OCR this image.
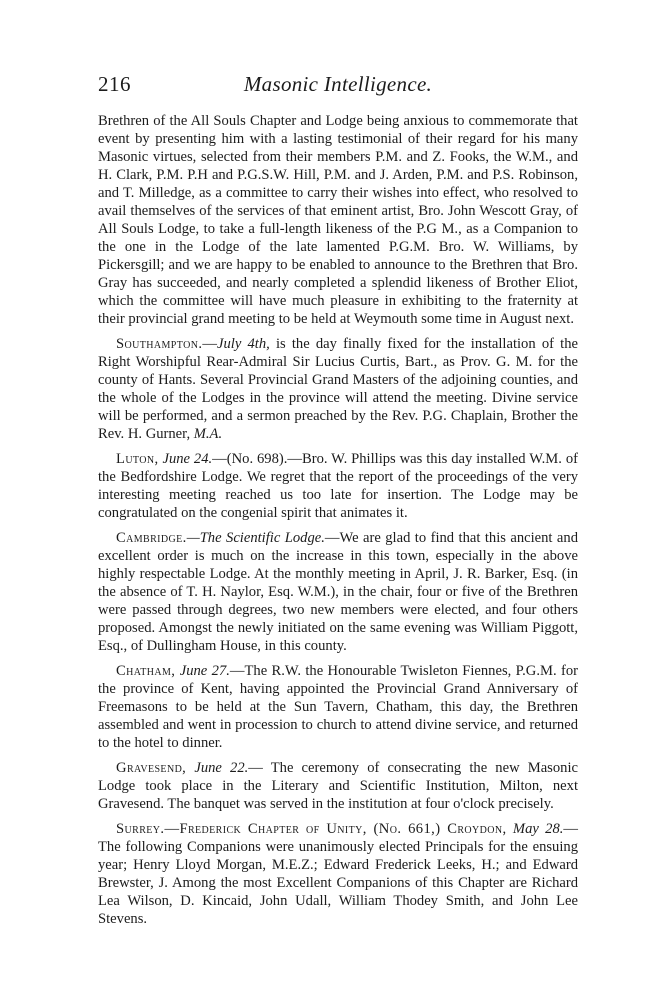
216	Masonic Intelligence.

Brethren of the All Souls Chapter and Lodge being anxious to commemorate that event by presenting him with a lasting testimonial of their regard for his many Masonic virtues, selected from their members P.M. and Z. Fooks, the W.M., and H. Clark, P.M. P.H and P.G.S.W. Hill, P.M. and J. Arden, P.M. and P.S. Robinson, and T. Milledge, as a committee to carry their wishes into effect, who resolved to avail themselves of the services of that eminent artist, Bro. John Wescott Gray, of All Souls Lodge, to take a full-length likeness of the P.G M., as a Companion to the one in the Lodge of the late lamented P.G.M. Bro. W. Williams, by Pickersgill; and we are happy to be enabled to announce to the Brethren that Bro. Gray has succeeded, and nearly completed a splendid likeness of Brother Eliot, which the committee will have much pleasure in exhibiting to the fraternity at their provincial grand meeting to be held at Weymouth some time in August next.

Southampton.—July 4th, is the day finally fixed for the installation of the Right Worshipful Rear-Admiral Sir Lucius Curtis, Bart., as Prov. G. M. for the county of Hants. Several Provincial Grand Masters of the adjoining counties, and the whole of the Lodges in the province will attend the meeting. Divine service will be performed, and a sermon preached by the Rev. P.G. Chaplain, Brother the Rev. H. Gurner, M.A.

Luton, June 24.—(No. 698).—Bro. W. Phillips was this day installed W.M. of the Bedfordshire Lodge. We regret that the report of the proceedings of the very interesting meeting reached us too late for insertion. The Lodge may be congratulated on the congenial spirit that animates it.

Cambridge.—The Scientific Lodge.—We are glad to find that this ancient and excellent order is much on the increase in this town, especially in the above highly respectable Lodge. At the monthly meeting in April, J. R. Barker, Esq. (in the absence of T. H. Naylor, Esq. W.M.), in the chair, four or five of the Brethren were passed through degrees, two new members were elected, and four others proposed. Amongst the newly initiated on the same evening was William Piggott, Esq., of Dullingham House, in this county.

Chatham, June 27.—The R.W. the Honourable Twisleton Fiennes, P.G.M. for the province of Kent, having appointed the Provincial Grand Anniversary of Freemasons to be held at the Sun Tavern, Chatham, this day, the Brethren assembled and went in procession to church to attend divine service, and returned to the hotel to dinner.

Gravesend, June 22.— The ceremony of consecrating the new Masonic Lodge took place in the Literary and Scientific Institution, Milton, next Gravesend. The banquet was served in the institution at four o'clock precisely.

Surrey.—Frederick Chapter of Unity, (No. 661,) Croydon, May 28.—The following Companions were unanimously elected Principals for the ensuing year; Henry Lloyd Morgan, M.E.Z.; Edward Frederick Leeks, H.; and Edward Brewster, J. Among the most Excellent Companions of this Chapter are Richard Lea Wilson, D. Kincaid, John Udall, William Thodey Smith, and John Lee Stevens.
